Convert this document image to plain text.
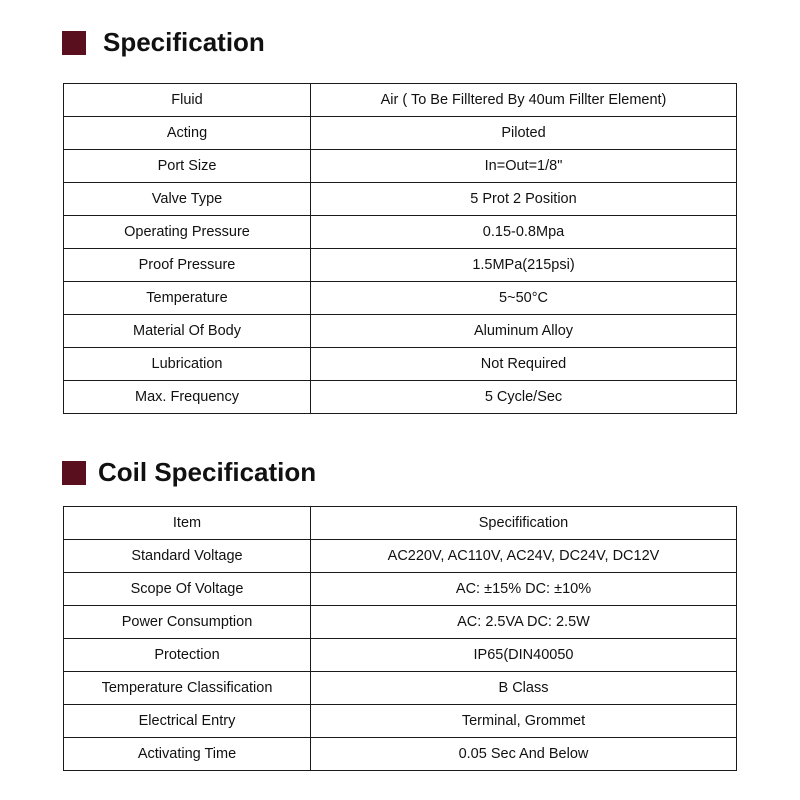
Specification
Fluid	Air ( To Be Fillterеd By 40um Fillter Element)
Acting	Piloted
Port Size	In=Out=1/8"
Valve Type	5 Prot 2 Position
Operating Pressure	0.15-0.8Mpa
Proof Pressure	1.5MPa(215psi)
Temperature	5~50°C
Material Of Body	Aluminum Alloy
Lubrication	Not Required
Max. Frequency	5 Cycle/Sec
Coil Specification
Item	Specifification
Standard Voltage	AC220V, AC110V, AC24V, DC24V, DC12V
Scope Of Voltage	AC: ±15% DC: ±10%
Power Consumption	AC: 2.5VA DC: 2.5W
Protection	IP65(DIN40050
Temperature Classification	B Class
Electrical Entry	Terminal, Grommet
Activating Time	0.05 Sec And Below
